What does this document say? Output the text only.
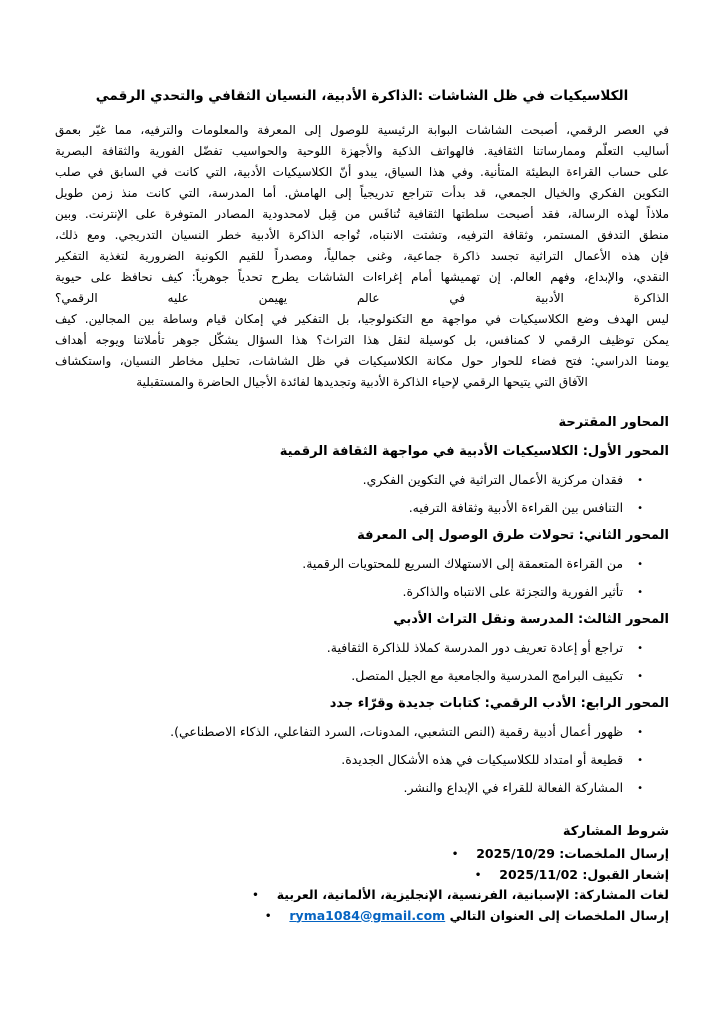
الكلاسيكيات في ظل الشاشات :الذاكرة الأدبية، النسيان الثقافي والتحدي الرقمي
في العصر الرقمي، أصبحت الشاشات البوابة الرئيسية للوصول إلى المعرفة والمعلومات والترفيه، مما غيّر بعمق
أساليب التعلّم وممارساتنا الثقافية. فالهواتف الذكية والأجهزة اللوحية والحواسيب تفضّل الفورية والثقافة البصرية
على حساب القراءة البطيئة المتأنية. وفي هذا السياق، يبدو أنّ الكلاسيكيات الأدبية، التي كانت في السابق في صلب
التكوين الفكري والخيال الجمعي، قد بدأت تتراجع تدريجياً إلى الهامش. أما المدرسة، التي كانت منذ زمن طويل
ملاذاً لهذه الرسالة، فقد أصبحت سلطتها الثقافية تُنافَس من قِبل لامحدودية المصادر المتوفرة على الإنترنت. وبين
منطق التدفق المستمر، وثقافة الترفيه، وتشتت الانتباه، تُواجه الذاكرة الأدبية خطر النسيان التدريجي. ومع ذلك،
فإن هذه الأعمال التراثية تجسد ذاكرة جماعية، وغنى جمالياً، ومصدراً للقيم الكونية الضرورية لتغذية التفكير
النقدي، والإبداع، وفهم العالم. إن تهميشها أمام إغراءات الشاشات يطرح تحدياً جوهرياً: كيف نحافظ على حيوية
الذاكرة الأدبية في عالم يهيمن عليه الرقمي؟
ليس الهدف وضع الكلاسيكيات في مواجهة مع التكنولوجيا، بل التفكير في إمكان قيام وساطة بين المجالين. كيف
يمكن توظيف الرقمي لا كمنافس، بل كوسيلة لنقل هذا التراث؟ هذا السؤال يشكّل جوهر تأملاتنا ويوجه أهداف
يومنا الدراسي: فتح فضاء للحوار حول مكانة الكلاسيكيات في ظل الشاشات، تحليل مخاطر النسيان، واستكشاف
الآفاق التي يتيحها الرقمي لإحياء الذاكرة الأدبية وتجديدها لفائدة الأجيال الحاضرة والمستقبلية
المحاور المقترحة
المحور الأول: الكلاسيكيات الأدبية في مواجهة الثقافة الرقمية
•فقدان مركزية الأعمال التراثية في التكوين الفكري.
•التنافس بين القراءة الأدبية وثقافة الترفيه.
المحور الثاني: تحولات طرق الوصول إلى المعرفة
•من القراءة المتعمقة إلى الاستهلاك السريع للمحتويات الرقمية.
•تأثير الفورية والتجزئة على الانتباه والذاكرة.
المحور الثالث: المدرسة ونقل التراث الأدبي
•تراجع أو إعادة تعريف دور المدرسة كملاذ للذاكرة الثقافية.
•تكييف البرامج المدرسية والجامعية مع الجيل المتصل.
المحور الرابع: الأدب الرقمي: كتابات جديدة وقرّاء جدد
•ظهور أعمال أدبية رقمية (النص التشعبي، المدونات، السرد التفاعلي، الذكاء الاصطناعي).
•قطيعة أو امتداد للكلاسيكيات في هذه الأشكال الجديدة.
•المشاركة الفعالة للقراء في الإبداع والنشر.
شروط المشاركة
إرسال الملخصات: 2025/10/29•
إشعار القبول: 2025/11/02•
لغات المشاركة: الإسبانية، الفرنسية، الإنجليزية، الألمانية، العربية•
إرسال الملخصات إلى العنوان التالي ryma1084@gmail.com•
